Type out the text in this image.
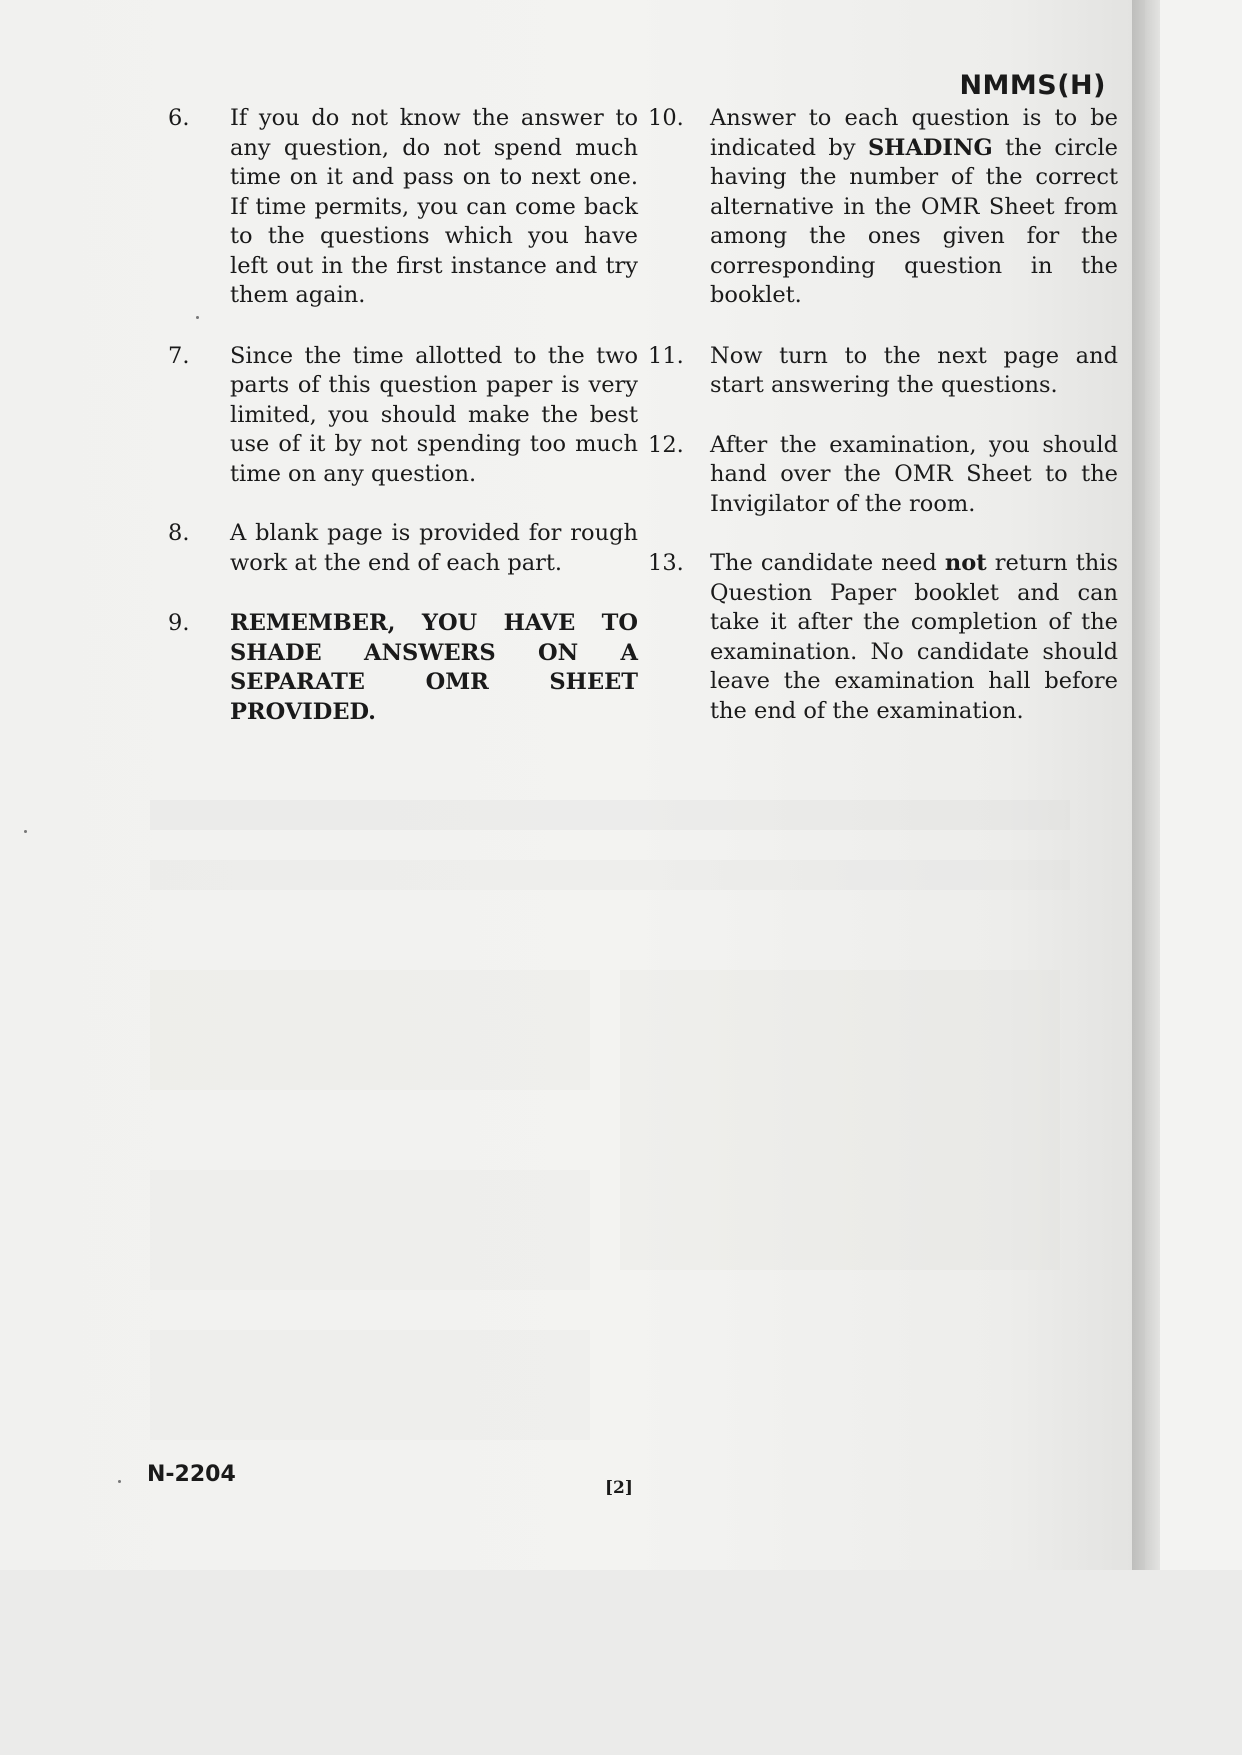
NMMS(H)
6. If you do not know the answer to any question, do not spend much time on it and pass on to next one. If time permits, you can come back to the questions which you have left out in the first instance and try them again.
7. Since the time allotted to the two parts of this question paper is very limited, you should make the best use of it by not spending too much time on any question.
8. A blank page is provided for rough work at the end of each part.
9. REMEMBER, YOU HAVE TO SHADE ANSWERS ON A SEPARATE OMR SHEET PROVIDED.
10. Answer to each question is to be indicated by SHADING the circle having the number of the correct alternative in the OMR Sheet from among the ones given for the corresponding question in the booklet.
11. Now turn to the next page and start answering the questions.
12. After the examination, you should hand over the OMR Sheet to the Invigilator of the room.
13. The candidate need not return this Question Paper booklet and can take it after the completion of the examination. No candidate should leave the examination hall before the end of the examination.
N-2204
[2]
